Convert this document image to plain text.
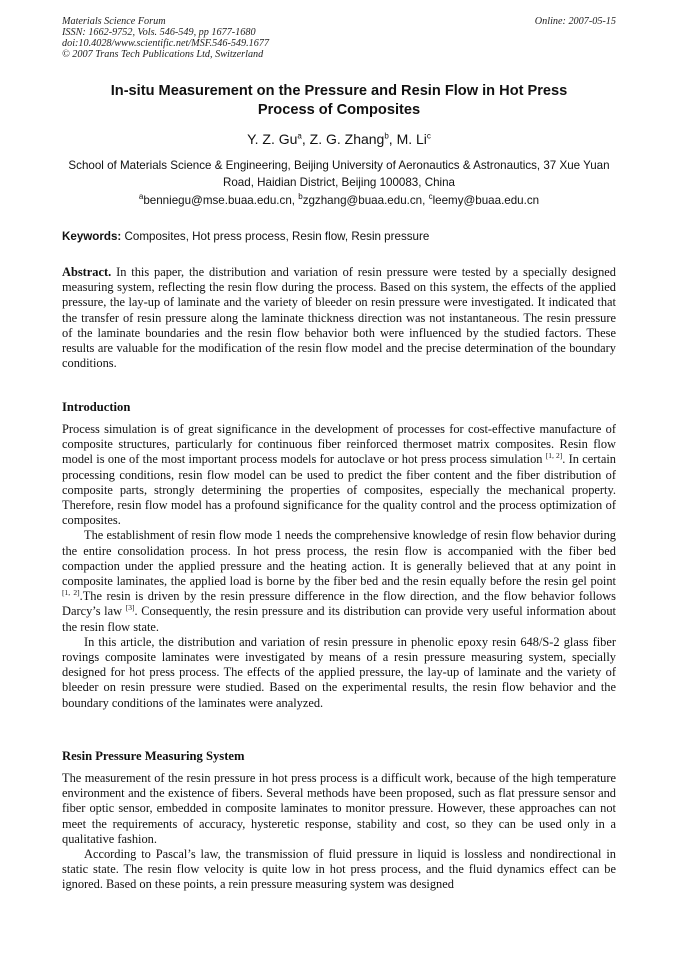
Materials Science Forum
ISSN: 1662-9752, Vols. 546-549, pp 1677-1680
doi:10.4028/www.scientific.net/MSF.546-549.1677
© 2007 Trans Tech Publications Ltd, Switzerland
Online: 2007-05-15
In-situ Measurement on the Pressure and Resin Flow in Hot Press
Process of Composites
Y. Z. Gu$^a$, Z. G. Zhang$^b$, M. Li$^c$
School of Materials Science & Engineering, Beijing University of Aeronautics & Astronautics, 37 Xue Yuan Road, Haidian District, Beijing 100083, China
$^a$benniegu@mse.buaa.edu.cn, $^b$zgzhang@buaa.edu.cn, $^c$leemy@buaa.edu.cn
Keywords: Composites, Hot press process, Resin flow, Resin pressure
Abstract. In this paper, the distribution and variation of resin pressure were tested by a specially designed measuring system, reflecting the resin flow during the process. Based on this system, the effects of the applied pressure, the lay-up of laminate and the variety of bleeder on resin pressure were investigated. It indicated that the transfer of resin pressure along the laminate thickness direction was not instantaneous. The resin pressure of the laminate boundaries and the resin flow behavior both were influenced by the studied factors. These results are valuable for the modification of the resin flow model and the precise determination of the boundary conditions.
Introduction

Process simulation is of great significance in the development of processes for cost-effective manufacture of composite structures, particularly for continuous fiber reinforced thermoset matrix composites. Resin flow model is one of the most important process models for autoclave or hot press process simulation [1, 2]. In certain processing conditions, resin flow model can be used to predict the fiber content and the fiber distribution of composite parts, strongly determining the properties of composites, especially the mechanical property. Therefore, resin flow model has a profound significance for the quality control and the process optimization of composites.

The establishment of resin flow mode 1 needs the comprehensive knowledge of resin flow behavior during the entire consolidation process. In hot press process, the resin flow is accompanied with the fiber bed compaction under the applied pressure and the heating action. It is generally believed that at any point in composite laminates, the applied load is borne by the fiber bed and the resin equally before the resin gel point [1, 2].The resin is driven by the resin pressure difference in the flow direction, and the flow behavior follows Darcy’s law [3]. Consequently, the resin pressure and its distribution can provide very useful information about the resin flow state.

In this article, the distribution and variation of resin pressure in phenolic epoxy resin 648/S-2 glass fiber rovings composite laminates were investigated by means of a resin pressure measuring system, specially designed for hot press process. The effects of the applied pressure, the lay-up of laminate and the variety of bleeder on resin pressure were studied. Based on the experimental results, the resin flow behavior and the boundary conditions of the laminates were analyzed.

Resin Pressure Measuring System

The measurement of the resin pressure in hot press process is a difficult work, because of the high temperature environment and the existence of fibers. Several methods have been proposed, such as flat pressure sensor and fiber optic sensor, embedded in composite laminates to monitor pressure. However, these approaches can not meet the requirements of accuracy, hysteretic response, stability and cost, so they can be used only in a qualitative fashion.

According to Pascal’s law, the transmission of fluid pressure in liquid is lossless and nondirectional in static state. The resin flow velocity is quite low in hot press process, and the fluid dynamics effect can be ignored. Based on these points, a rein pressure measuring system was designed
